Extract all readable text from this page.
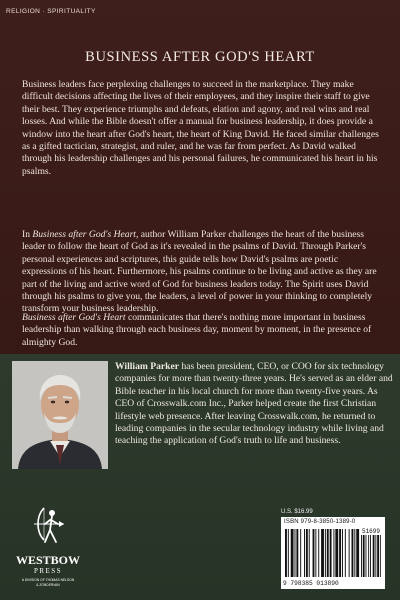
RELIGION · SPIRITUALITY
BUSINESS AFTER GOD'S HEART

Business leaders face perplexing challenges to succeed in the marketplace. They make difficult decisions affecting the lives of their employees, and they inspire their staff to give their best. They experience triumphs and defeats, elation and agony, and real wins and real losses. And while the Bible doesn't offer a manual for business leadership, it does provide a window into the heart after God's heart, the heart of King David. He faced similar challenges as a gifted tactician, strategist, and ruler, and he was far from perfect. As David walked through his leadership challenges and his personal failures, he communicated his heart in his psalms.

In Business after God's Heart, author William Parker challenges the heart of the business leader to follow the heart of God as it's revealed in the psalms of David. Through Parker's personal experiences and scriptures, this guide tells how David's psalms are poetic expressions of his heart. Furthermore, his psalms continue to be living and active as they are part of the living and active word of God for business leaders today. The Spirit uses David through his psalms to give you, the leaders, a level of power in your thinking to completely transform your business leadership.

Business after God's Heart communicates that there's nothing more important in business leadership than walking through each business day, moment by moment, in the presence of almighty God.

William Parker has been president, CEO, or COO for six technology companies for more than twenty-three years. He's served as an elder and Bible teacher in his local church for more than twenty-five years. As CEO of Crosswalk.com Inc., Parker helped create the first Christian lifestyle web presence. After leaving Crosswalk.com, he returned to leading companies in the secular technology industry while living and teaching the application of God's truth to life and business.

WESTBOW
PRESS
A DIVISION OF THOMAS NELSON
& ZONDERVAN
U.S. $16.99
ISBN 979-8-3850-1389-0
51699
9 798385 013890
